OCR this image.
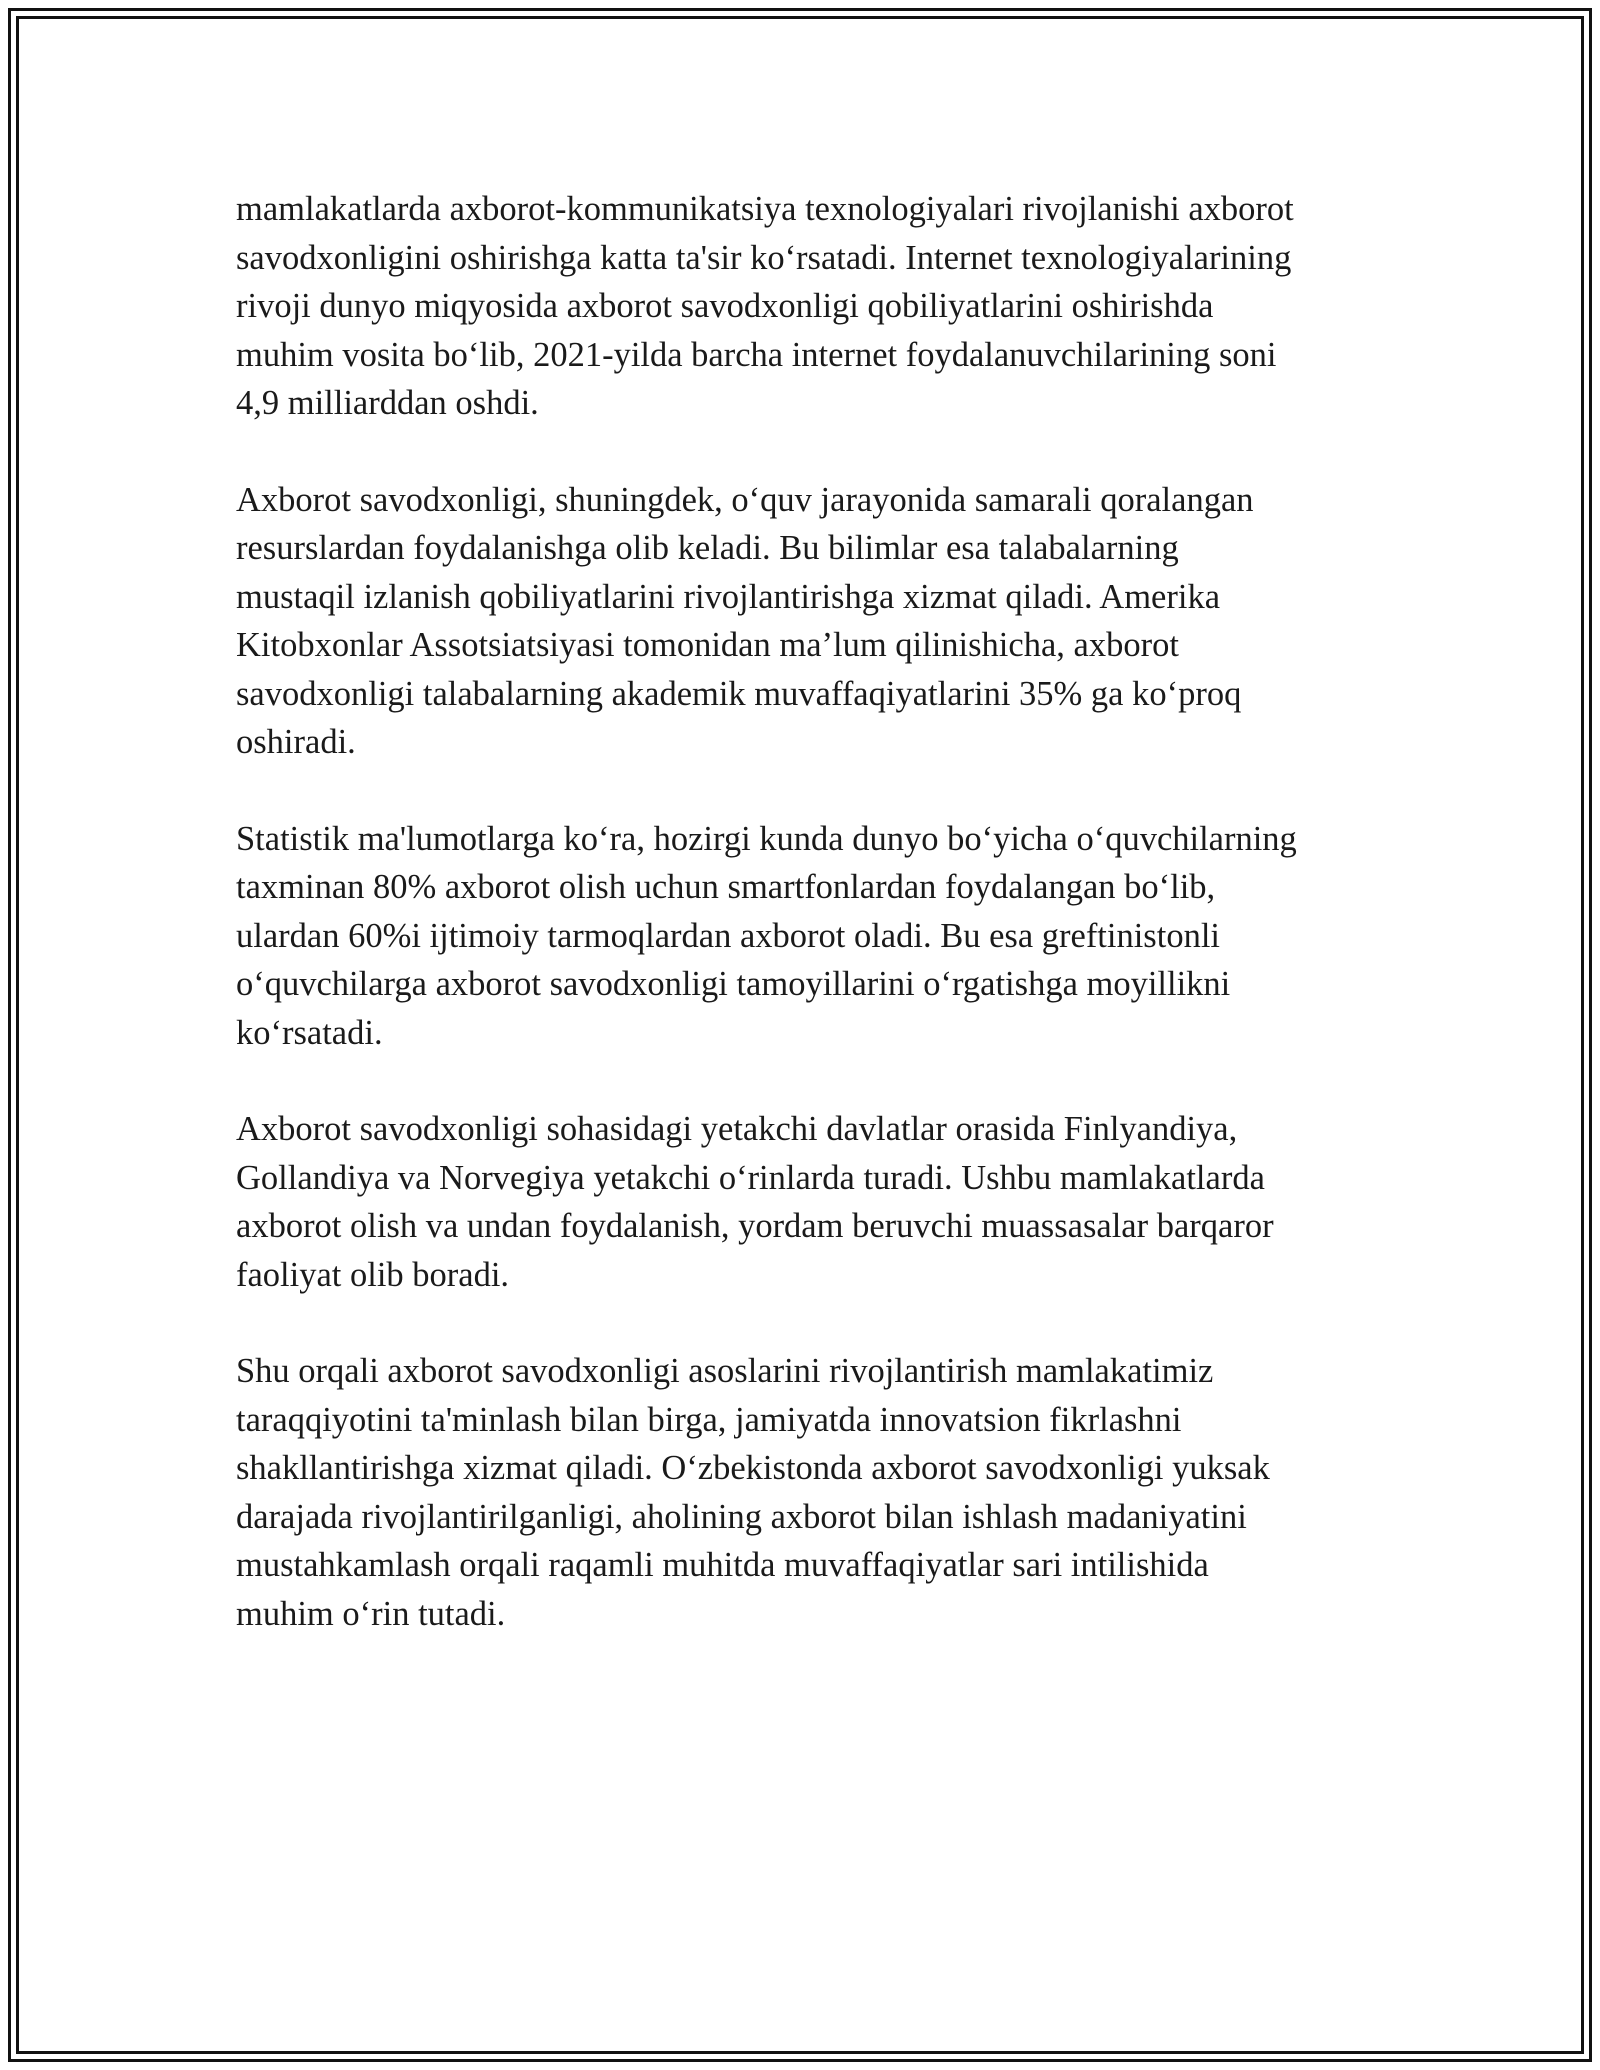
mamlakatlarda axborot-kommunikatsiya texnologiyalari rivojlanishi axborot
savodxonligini oshirishga katta ta'sir koʻrsatadi. Internet texnologiyalarining
rivoji dunyo miqyosida axborot savodxonligi qobiliyatlarini oshirishda
muhim vosita boʻlib, 2021-yilda barcha internet foydalanuvchilarining soni
4,9 milliarddan oshdi.

Axborot savodxonligi, shuningdek, oʻquv jarayonida samarali qoralangan
resurslardan foydalanishga olib keladi. Bu bilimlar esa talabalarning
mustaqil izlanish qobiliyatlarini rivojlantirishga xizmat qiladi. Amerika
Kitobxonlar Assotsiatsiyasi tomonidan ma’lum qilinishicha, axborot
savodxonligi talabalarning akademik muvaffaqiyatlarini 35% ga koʻproq
oshiradi.

Statistik ma'lumotlarga koʻra, hozirgi kunda dunyo boʻyicha oʻquvchilarning
taxminan 80% axborot olish uchun smartfonlardan foydalangan boʻlib,
ulardan 60%i ijtimoiy tarmoqlardan axborot oladi. Bu esa greftinistonli
oʻquvchilarga axborot savodxonligi tamoyillarini oʻrgatishga moyillikni
koʻrsatadi.

Axborot savodxonligi sohasidagi yetakchi davlatlar orasida Finlyandiya,
Gollandiya va Norvegiya yetakchi oʻrinlarda turadi. Ushbu mamlakatlarda
axborot olish va undan foydalanish, yordam beruvchi muassasalar barqaror
faoliyat olib boradi.

Shu orqali axborot savodxonligi asoslarini rivojlantirish mamlakatimiz
taraqqiyotini ta'minlash bilan birga, jamiyatda innovatsion fikrlashni
shakllantirishga xizmat qiladi. Oʻzbekistonda axborot savodxonligi yuksak
darajada rivojlantirilganligi, aholining axborot bilan ishlash madaniyatini
mustahkamlash orqali raqamli muhitda muvaffaqiyatlar sari intilishida
muhim oʻrin tutadi.
